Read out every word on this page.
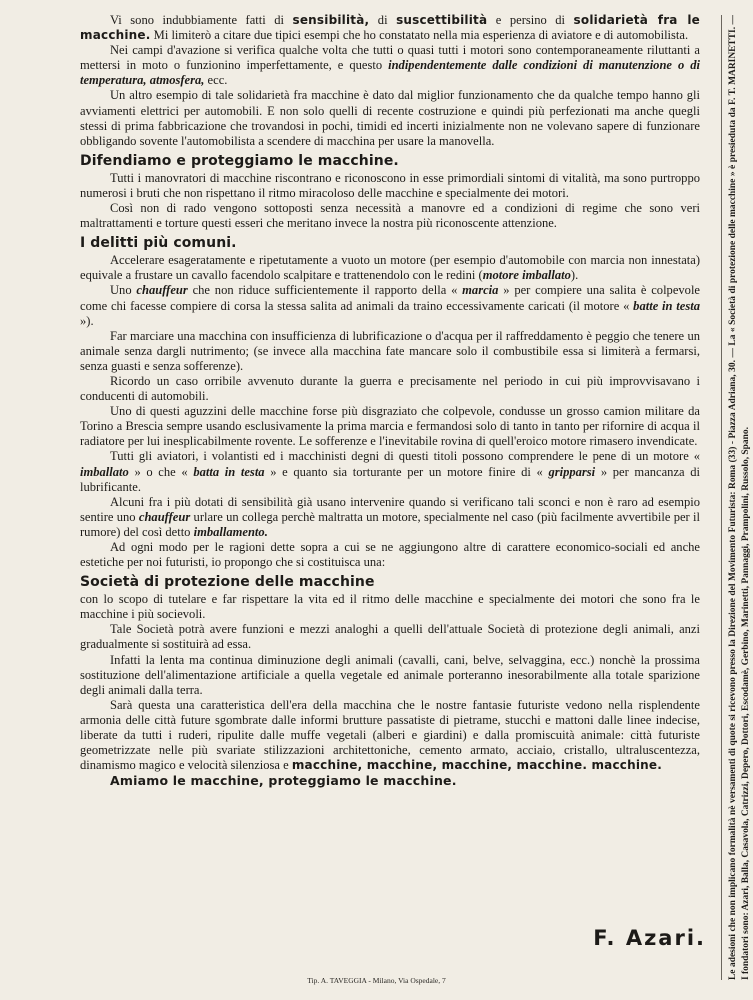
Vi sono indubbiamente fatti di sensibilità, di suscettibilità e persino di solidarietà fra le macchine. Mi limiterò a citare due tipici esempi che ho constatato nella mia esperienza di aviatore e di automobilista.

Nei campi d'avazione si verifica qualche volta che tutti o quasi tutti i motori sono contemporaneamente riluttanti a mettersi in moto o funzionino imperfettamente, e questo indipendentemente dalle condizioni di manutenzione o di temperatura, atmosfera, ecc.

Un altro esempio di tale solidarietà fra macchine è dato dal miglior funzionamento che da qualche tempo hanno gli avviamenti elettrici per automobili. E non solo quelli di recente costruzione e quindi più perfezionati ma anche quegli stessi di prima fabbricazione che trovandosi in pochi, timidi ed incerti inizialmente non ne volevano sapere di funzionare obbligando sovente l'automobilista a scendere di macchina per usare la manovella.

Difendiamo e proteggiamo le macchine.

Tutti i manovratori di macchine riscontrano e riconoscono in esse primordiali sintomi di vitalità, ma sono purtroppo numerosi i bruti che non rispettano il ritmo miracoloso delle macchine e specialmente dei motori.

Così non di rado vengono sottoposti senza necessità a manovre ed a condizioni di regime che sono veri maltrattamenti e torture questi esseri che meritano invece la nostra più riconoscente attenzione.

I delitti più comuni.

Accelerare esageratamente e ripetutamente a vuoto un motore (per esempio d'automobile con marcia non innestata) equivale a frustare un cavallo facendolo scalpitare e trattenendolo con le redini (motore imballato).

Uno chauffeur che non riduce sufficientemente il rapporto della « marcia » per compiere una salita è colpevole come chi facesse compiere di corsa la stessa salita ad animali da traino eccessivamente caricati (il motore « batte in testa »).

Far marciare una macchina con insufficienza di lubrificazione o d'acqua per il raffreddamento è peggio che tenere un animale senza dargli nutrimento; (se invece alla macchina fate mancare solo il combustibile essa si limiterà a fermarsi, senza guasti e senza sofferenze).

Ricordo un caso orribile avvenuto durante la guerra e precisamente nel periodo in cui più improvvisavano i conducenti di automobili.

Uno di questi aguzzini delle macchine forse più disgraziato che colpevole, condusse un grosso camion militare da Torino a Brescia sempre usando esclusivamente la prima marcia e fermandosi solo di tanto in tanto per rifornire di acqua il radiatore per lui inesplicabilmente rovente. Le sofferenze e l'inevitabile rovina di quell'eroico motore rimasero invendicate.

Tutti gli aviatori, i volantisti ed i macchinisti degni di questi titoli possono comprendere le pene di un motore « imballato » o che « batta in testa » e quanto sia torturante per un motore finire di « gripparsi » per mancanza di lubrificante.

Alcuni fra i più dotati di sensibilità già usano intervenire quando si verificano tali sconci e non è raro ad esempio sentire uno chauffeur urlare un collega perchè maltratta un motore, specialmente nel caso (più facilmente avvertibile per il rumore) del così detto imballamento.

Ad ogni modo per le ragioni dette sopra a cui se ne aggiungono altre di carattere economico-sociali ed anche estetiche per noi futuristi, io propongo che si costituisca una:

Società di protezione delle macchine

con lo scopo di tutelare e far rispettare la vita ed il ritmo delle macchine e specialmente dei motori che sono fra le macchine i più socievoli.

Tale Società potrà avere funzioni e mezzi analoghi a quelli dell'attuale Società di protezione degli animali, anzi gradualmente si sostituirà ad essa.

Infatti la lenta ma continua diminuzione degli animali (cavalli, cani, belve, selvaggina, ecc.) nonchè la prossima sostituzione dell'alimentazione artificiale a quella vegetale ed animale porteranno inesorabilmente alla totale sparizione degli animali dalla terra.

Sarà questa una caratteristica dell'era della macchina che le nostre fantasie futuriste vedono nella risplendente armonia delle città future sgombrate dalle informi brutture passatiste di pietrame, stucchi e mattoni dalle linee indecise, liberate da tutti i ruderi, ripulite dalle muffe vegetali (alberi e giardini) e dalla promiscuità animale: città futuriste geometrizzate nelle più svariate stilizzazioni architettoniche, cemento armato, acciaio, cristallo, ultraluscentezza, dinamismo magico e velocità silenziosa e macchine, macchine, macchine, macchine. macchine.

Amiamo le macchine, proteggiamo le macchine.

F. Azari.
Tip. A. TAVEGGIA - Milano, Via Ospedale, 7
Le adesioni che non implicano formalità nè versamenti di quote si ricevono presso la Direzione del Movimento Futurista: Roma (33) - Piazza Adriana, 30. — La « Società di protezione delle macchine » è presieduta da F. T. MARINETTI. — I fondatori sono: Azari, Balla, Casavola, Catrizzi, Depero, Dottori, Escodamè, Gerbino, Marinetti, Pannaggi, Prampolini, Russolo, Spano.
